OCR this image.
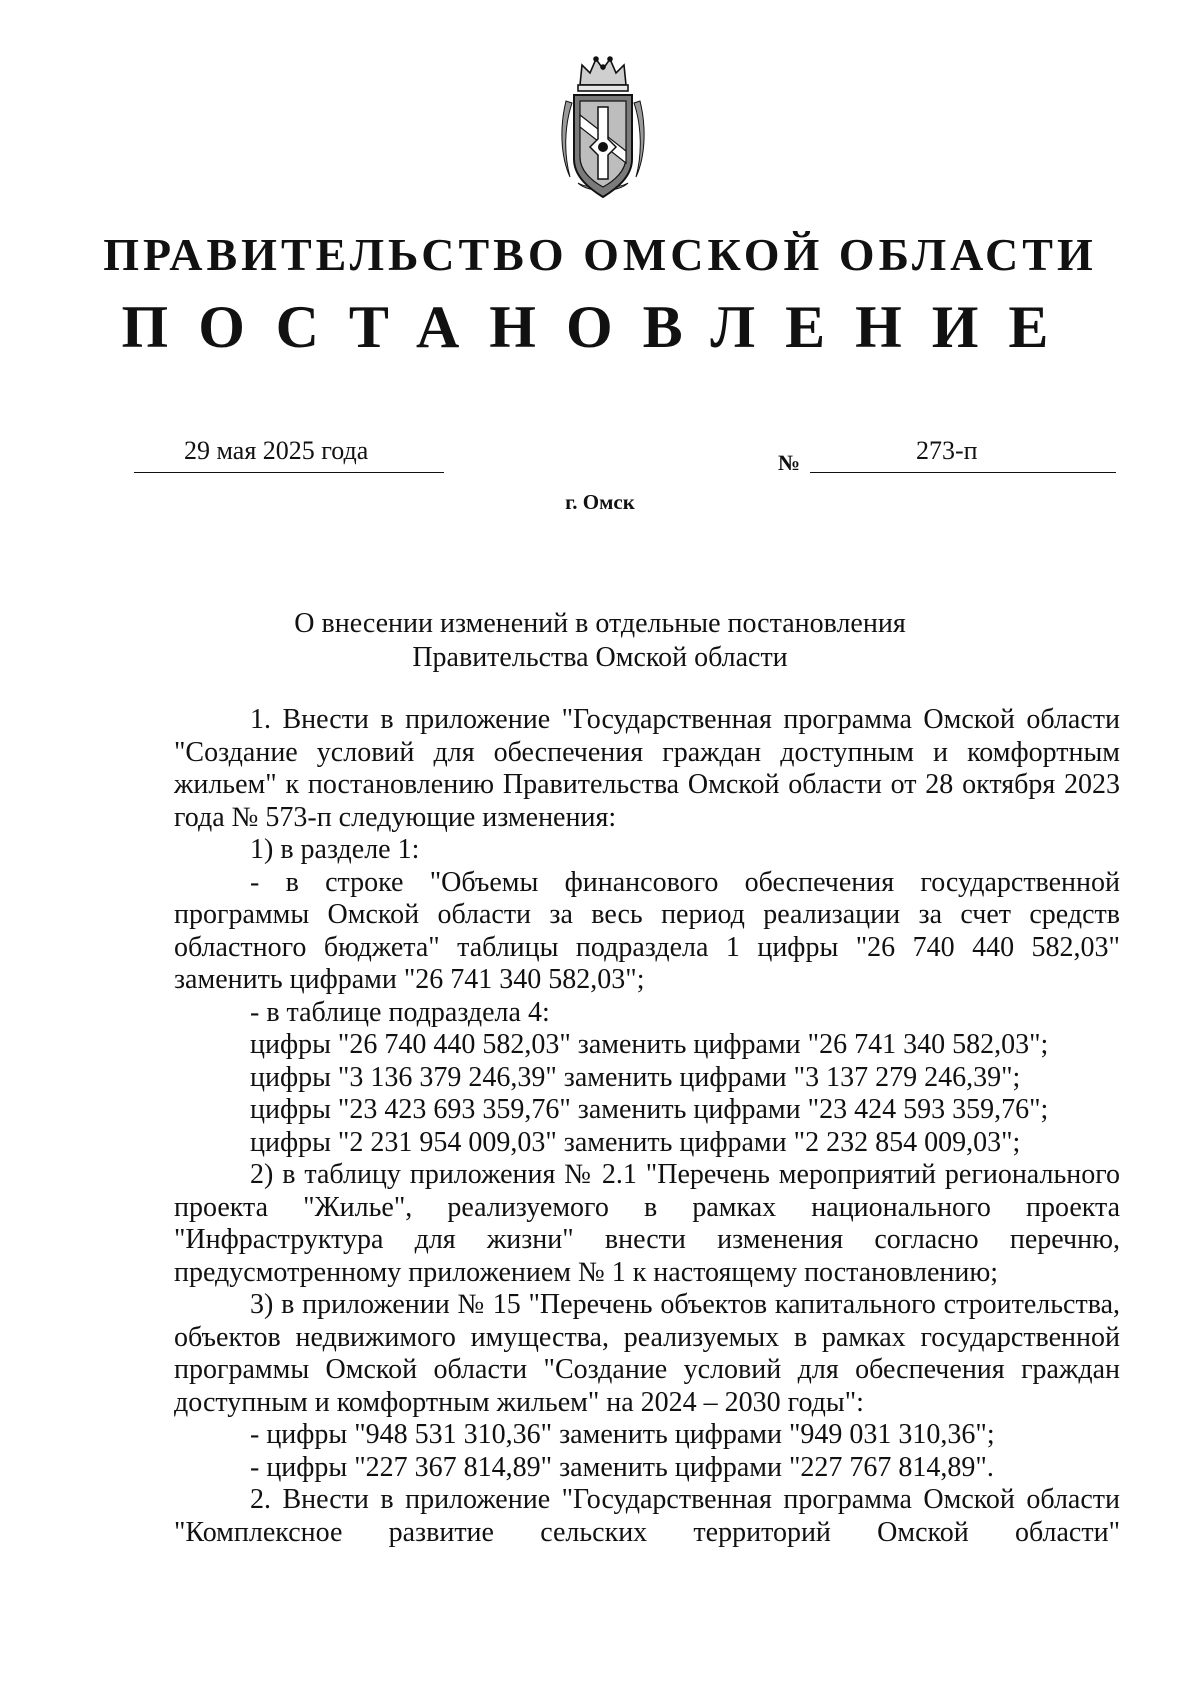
ПРАВИТЕЛЬСТВО ОМСКОЙ ОБЛАСТИ
ПОСТАНОВЛЕНИЕ
29 мая 2025 года	№	273-п
г. Омск
О внесении изменений в отдельные постановления
Правительства Омской области

1. Внести в приложение "Государственная программа Омской области "Создание условий для обеспечения граждан доступным и комфортным жильем" к постановлению Правительства Омской области от 28 октября 2023 года № 573-п следующие изменения:

1) в разделе 1:

- в строке "Объемы финансового обеспечения государственной программы Омской области за весь период реализации за счет средств областного бюджета" таблицы подраздела 1 цифры "26 740 440 582,03" заменить цифрами "26 741 340 582,03";

- в таблице подраздела 4:

цифры "26 740 440 582,03" заменить цифрами "26 741 340 582,03";

цифры "3 136 379 246,39" заменить цифрами "3 137 279 246,39";

цифры "23 423 693 359,76" заменить цифрами "23 424 593 359,76";

цифры "2 231 954 009,03" заменить цифрами "2 232 854 009,03";

2) в таблицу приложения № 2.1 "Перечень мероприятий регионального проекта "Жилье", реализуемого в рамках национального проекта "Инфраструктура для жизни" внести изменения согласно перечню, предусмотренному приложением № 1 к настоящему постановлению;

3) в приложении № 15 "Перечень объектов капитального строительства, объектов недвижимого имущества, реализуемых в рамках государственной программы Омской области "Создание условий для обеспечения граждан доступным и комфортным жильем" на 2024 – 2030 годы":

- цифры "948 531 310,36" заменить цифрами "949 031 310,36";

- цифры "227 367 814,89" заменить цифрами "227 767 814,89".

2. Внести в приложение "Государственная программа Омской области "Комплексное развитие сельских территорий Омской области"
